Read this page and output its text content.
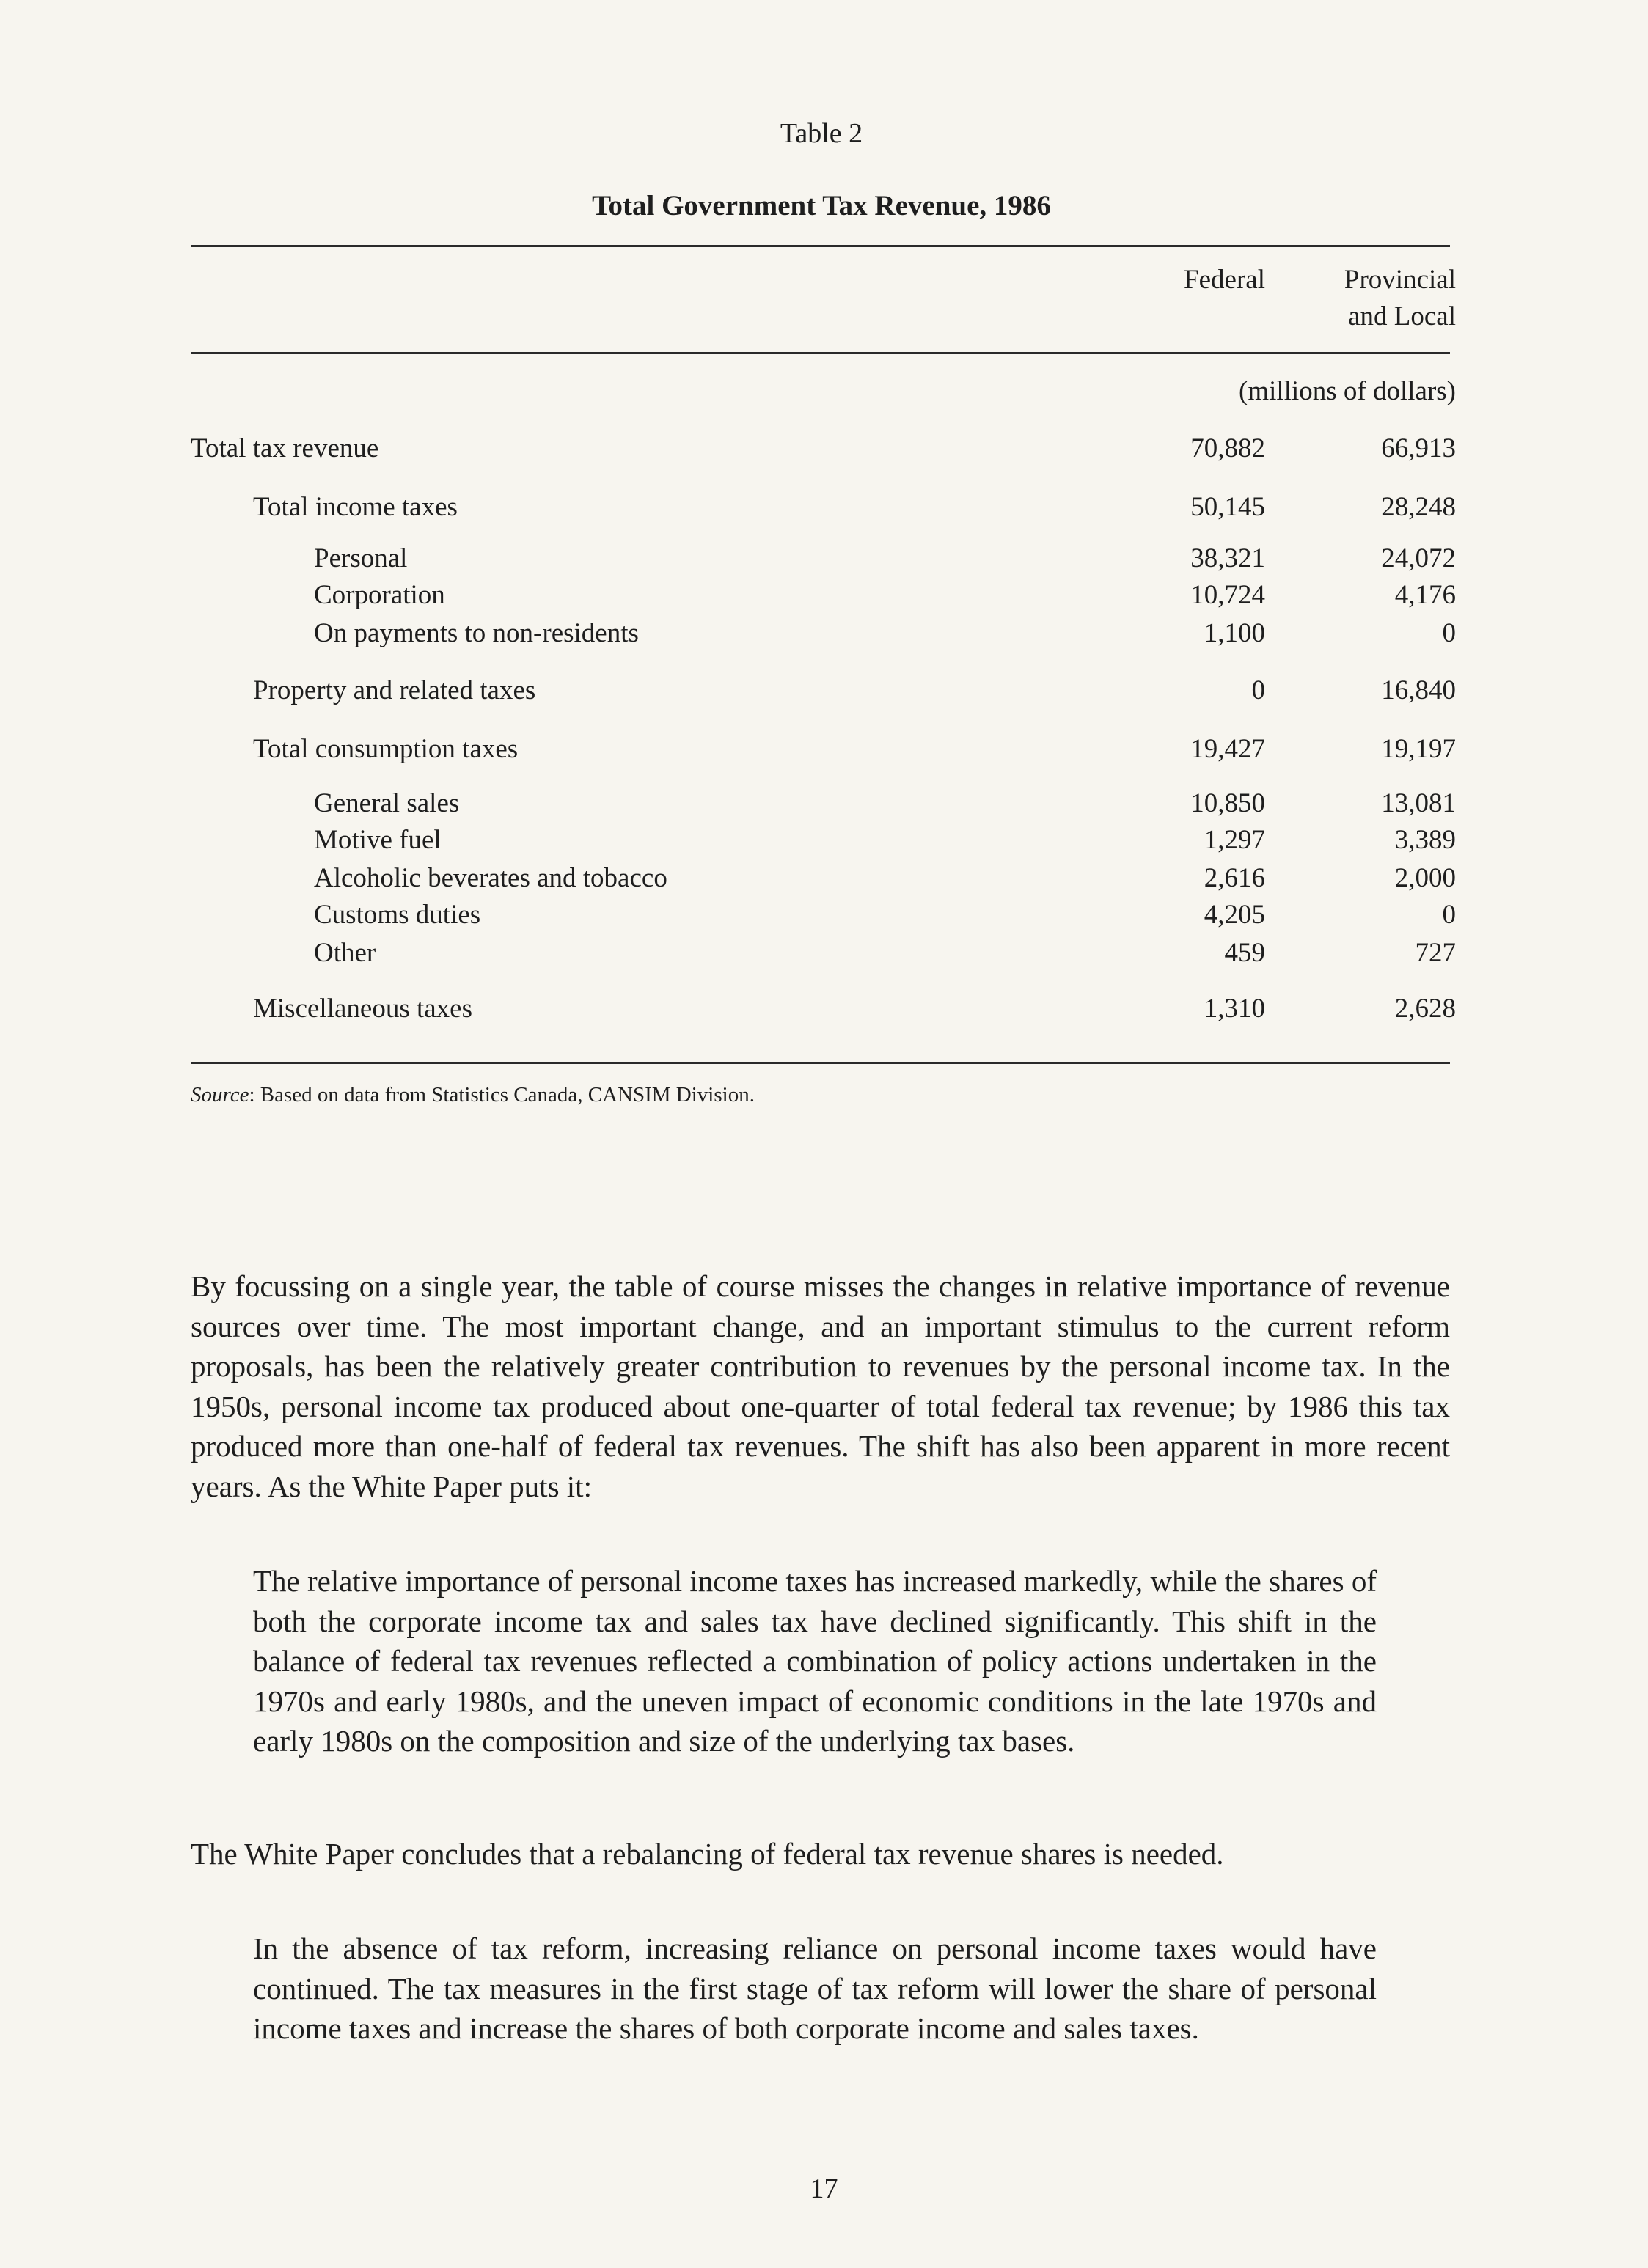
Table 2
Total Government Tax Revenue, 1986
Federal	Provincial
and Local
(millions of dollars)
Total tax revenue	70,882	66,913
Total income taxes	50,145	28,248
Personal	38,321	24,072
Corporation	10,724	4,176
On payments to non-residents	1,100	0
Property and related taxes	0	16,840
Total consumption taxes	19,427	19,197
General sales	10,850	13,081
Motive fuel	1,297	3,389
Alcoholic beverates and tobacco	2,616	2,000
Customs duties	4,205	0
Other	459	727
Miscellaneous taxes	1,310	2,628
Source: Based on data from Statistics Canada, CANSIM Division.
By focussing on a single year, the table of course misses the changes in relative importance of revenue sources over time. The most important change, and an important stimulus to the current reform proposals, has been the relatively greater contribution to revenues by the personal income tax. In the 1950s, personal income tax produced about one-quarter of total federal tax revenue; by 1986 this tax produced more than one-half of federal tax revenues. The shift has also been apparent in more recent years. As the White Paper puts it:
The relative importance of personal income taxes has increased markedly, while the shares of both the corporate income tax and sales tax have declined significantly. This shift in the balance of federal tax revenues reflected a combination of policy actions undertaken in the 1970s and early 1980s, and the uneven impact of economic conditions in the late 1970s and early 1980s on the composition and size of the underlying tax bases.
The White Paper concludes that a rebalancing of federal tax revenue shares is needed.
In the absence of tax reform, increasing reliance on personal income taxes would have continued. The tax measures in the first stage of tax reform will lower the share of personal income taxes and increase the shares of both corporate income and sales taxes.
17
